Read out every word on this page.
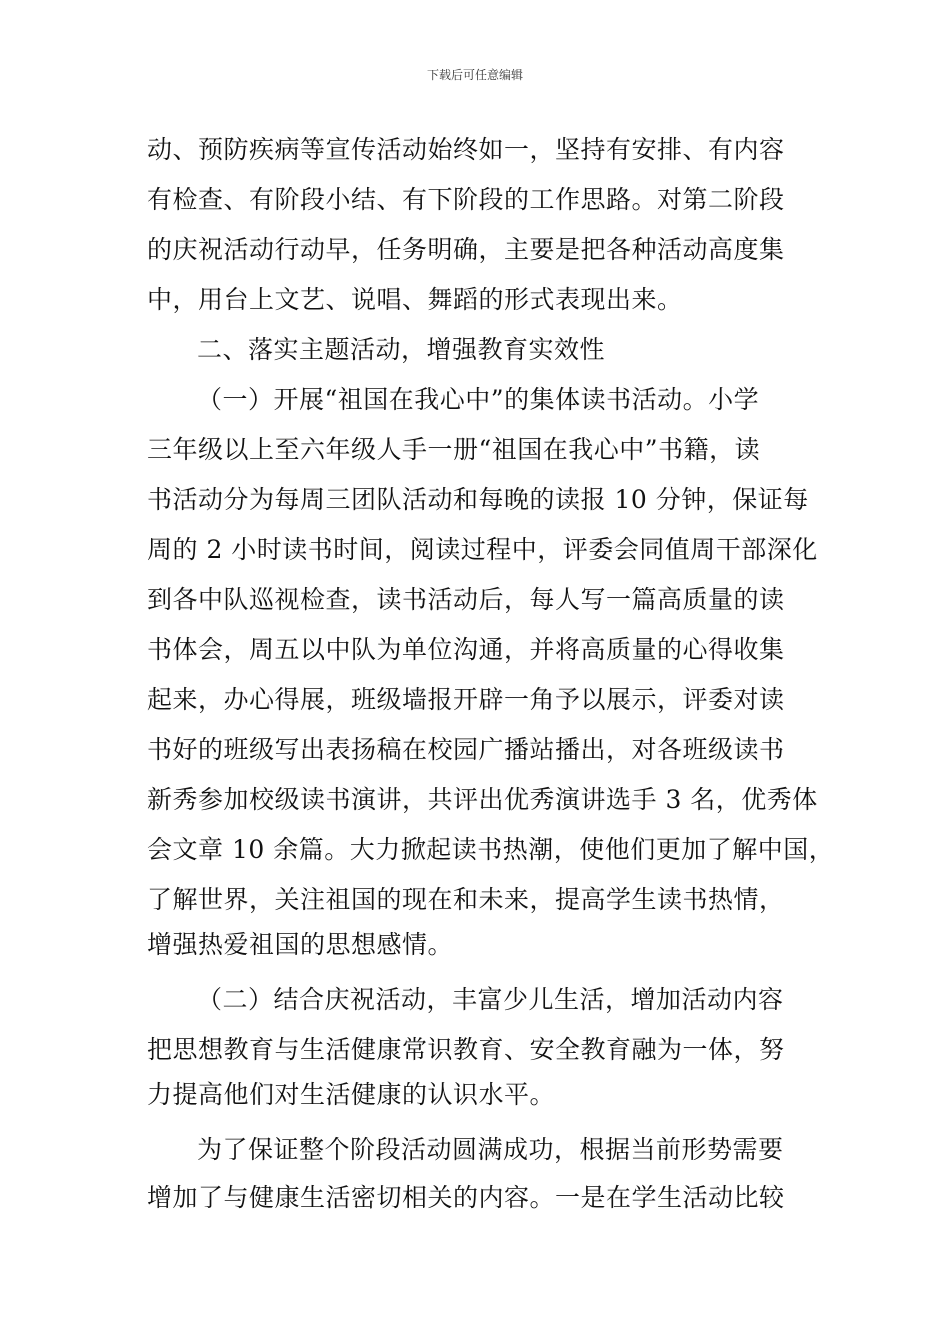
下载后可任意编辑
动、预防疾病等宣传活动始终如一，坚持有安排、有内容
有检查、有阶段小结、有下阶段的工作思路。对第二阶段
的庆祝活动行动早，任务明确，主要是把各种活动高度集
中，用台上文艺、说唱、舞蹈的形式表现出来。
二、落实主题活动，增强教育实效性
（一）开展“祖国在我心中”的集体读书活动。小学
三年级以上至六年级人手一册“祖国在我心中”书籍，读
书活动分为每周三团队活动和每晚的读报 10 分钟，保证每
周的 2 小时读书时间，阅读过程中，评委会同值周干部深化
到各中队巡视检查，读书活动后，每人写一篇高质量的读
书体会，周五以中队为单位沟通，并将高质量的心得收集
起来，办心得展，班级墙报开辟一角予以展示，评委对读
书好的班级写出表扬稿在校园广播站播出，对各班级读书
新秀参加校级读书演讲，共评出优秀演讲选手 3 名，优秀体
会文章 10 余篇。大力掀起读书热潮，使他们更加了解中国，
了解世界，关注祖国的现在和未来，提高学生读书热情，
增强热爱祖国的思想感情。
（二）结合庆祝活动，丰富少儿生活，增加活动内容
把思想教育与生活健康常识教育、安全教育融为一体，努
力提高他们对生活健康的认识水平。
为了保证整个阶段活动圆满成功，根据当前形势需要
增加了与健康生活密切相关的内容。一是在学生活动比较
